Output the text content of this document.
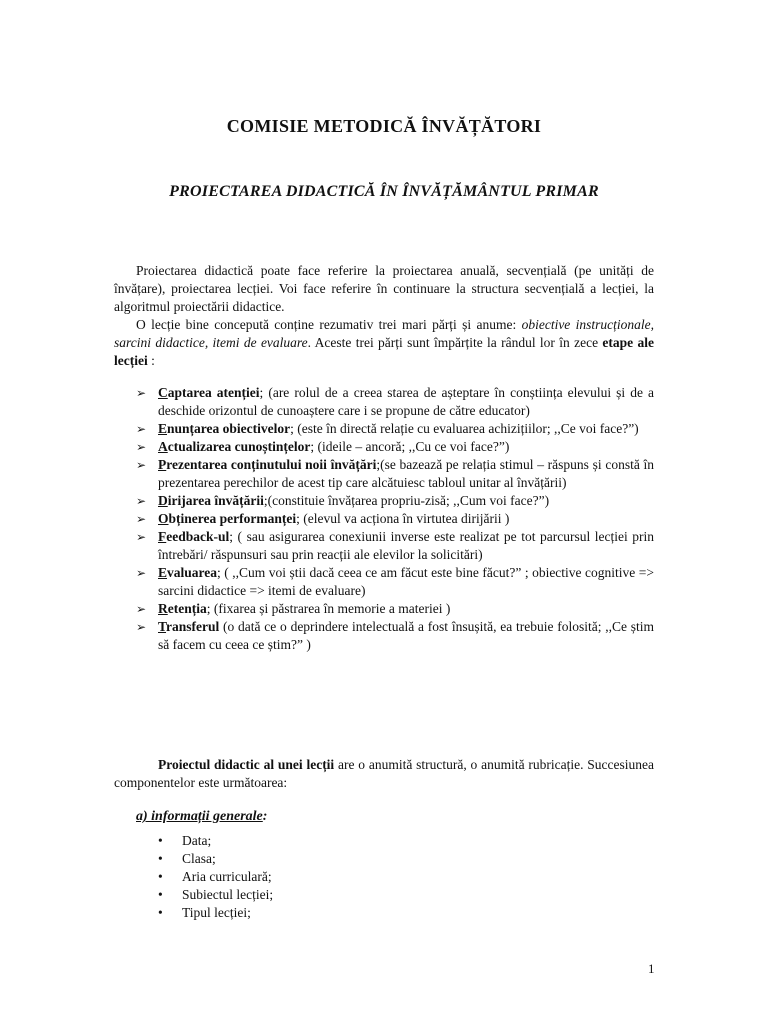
COMISIE METODICĂ ÎNVĂȚĂTORI
PROIECTAREA DIDACTICĂ ÎN ÎNVĂȚĂMÂNTUL PRIMAR

Proiectarea didactică poate face referire la proiectarea anuală, secvențială (pe unități de învățare), proiectarea lecției. Voi face referire în continuare la structura secvențială a lecției, la algoritmul proiectării didactice.

O lecție bine concepută conține rezumativ trei mari părți și anume: obiective instrucționale, sarcini didactice, itemi de evaluare. Aceste trei părți sunt împărțite la rândul lor în zece etape ale lecției :

➢ Captarea atenției; (are rolul de a creea starea de așteptare în conștiința elevului și de a deschide orizontul de cunoaștere care i se propune de către educator)
➢ Enunțarea obiectivelor; (este în directă relație cu evaluarea achizițiilor; ,,Ce voi face?”)
➢ Actualizarea cunoștințelor; (ideile – ancoră; ,,Cu ce voi face?”)
➢ Prezentarea conținutului noii învățări;(se bazează pe relația stimul – răspuns și constă în prezentarea perechilor de acest tip care alcătuiesc tabloul unitar al învățării)
➢ Dirijarea învățării;(constituie învățarea propriu-zisă; ,,Cum voi face?”)
➢ Obținerea performanței; (elevul va acționa în virtutea dirijării )
➢ Feedback-ul; ( sau asigurarea conexiunii inverse este realizat pe tot parcursul lecției prin întrebări/ răspunsuri sau prin reacții ale elevilor la solicitări)
➢ Evaluarea; ( ,,Cum voi știi dacă ceea ce am făcut este bine făcut?” ; obiective cognitive => sarcini didactice => itemi de evaluare)
➢ Retenția; (fixarea și păstrarea în memorie a materiei )
➢ Transferul (o dată ce o deprindere intelectuală a fost însușită, ea trebuie folosită; ,,Ce știm să facem cu ceea ce știm?” )

Proiectul didactic al unei lecții are o anumită structură, o anumită rubricație. Succesiunea componentelor este următoarea:

a) informații generale:
• Data;
• Clasa;
• Aria curriculară;
• Subiectul lecției;
• Tipul lecției;
1
